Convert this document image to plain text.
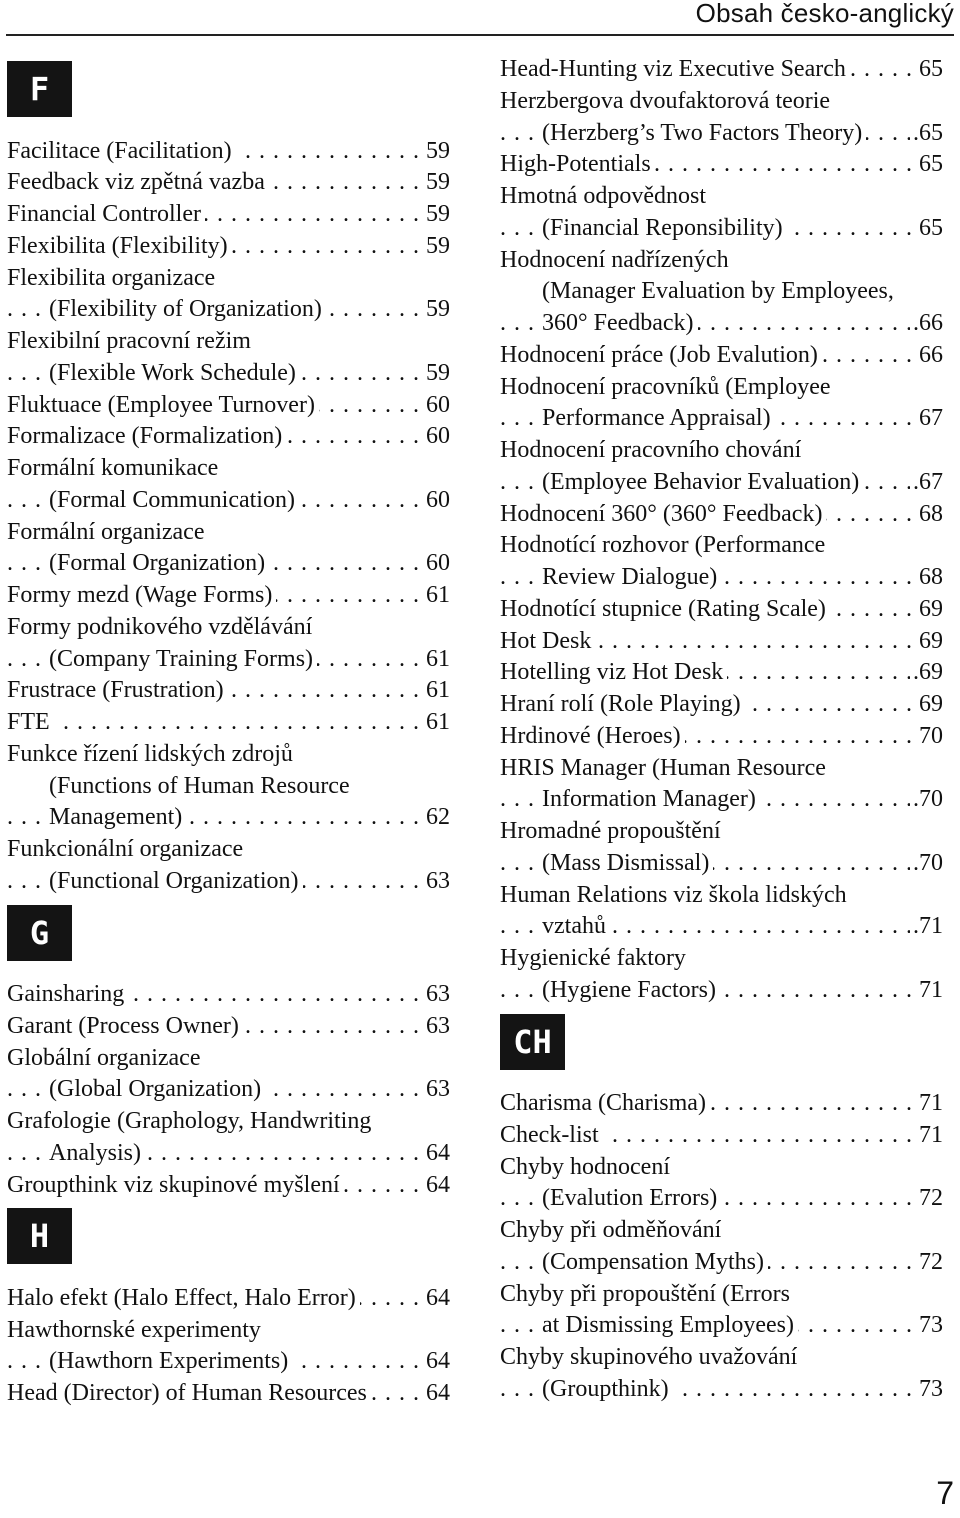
Obsah česko-anglický
F
Facilitace (Facilitation)	59
. . .
Feedback viz zpětná vazba	59
. . .
Financial Controller	59
. . .
Flexibilita (Flexibility)	59
. . .
Flexibilita organizace
(Flexibility of Organization)	59
. . .
Flexibilní pracovní režim
(Flexible Work Schedule)	59
. . .
Fluktuace (Employee Turnover)	60
. . .
Formalizace (Formalization)	60
. . .
Formální komunikace
(Formal Communication)	60
. . .
Formální organizace
(Formal Organization)	60
. . .
Formy mezd (Wage Forms)	61
. . .
Formy podnikového vzdělávání
(Company Training Forms)	61
. . .
Frustrace (Frustration)	61
. . .
FTE	61
. . .
Funkce řízení lidských zdrojů
(Functions of Human Resource
Management)	62
. . .
Funkcionální organizace
(Functional Organization)	63
. . .
G
Gainsharing	63
. . .
Garant (Process Owner)	63
. . .
Globální organizace
(Global Organization)	63
. . .
Grafologie (Graphology, Handwriting
Analysis)	64
. . .
Groupthink viz skupinové myšlení	64
. . .
H
Halo efekt (Halo Effect, Halo Error)	64
. . .
Hawthornské experimenty
(Hawthorn Experiments)	64
. . .
Head (Director) of Human Resources 64
. . .
Head-Hunting viz Executive Search	65
. . .
Herzbergova dvoufaktorová teorie
(Herzberg’s Two Factors Theory) .65
. . .
High-Potentials	65
. . .
Hmotná odpovědnost
(Financial Reponsibility)	65
. . .
Hodnocení nadřízených
(Manager Evaluation by Employees,
360° Feedback)	.66
. . .
Hodnocení práce (Job Evalution)	66
. . .
Hodnocení pracovníků (Employee
Performance Appraisal)	67
. . .
Hodnocení pracovního chování
(Employee Behavior Evaluation) .67
. . .
Hodnocení 360° (360° Feedback)	68
. . .
Hodnotící rozhovor (Performance
Review Dialogue)	68
. . .
Hodnotící stupnice (Rating Scale)	69
. . .
Hot Desk	69
. . .
Hotelling viz Hot Desk	.69
. . .
Hraní rolí (Role Playing)	69
. . .
Hrdinové (Heroes)	70
. . .
HRIS Manager (Human Resource
Information Manager)	.70
. . .
Hromadné propouštění
(Mass Dismissal)	.70
. . .
Human Relations viz škola lidských
vztahů	.71
. . .
Hygienické faktory
(Hygiene Factors)	71
. . .
CH
Charisma (Charisma)	71
. . .
Check-list	71
. . .
Chyby hodnocení
(Evalution Errors)	72
. . .
Chyby při odměňování
(Compensation Myths)	72
. . .
Chyby při propouštění (Errors
at Dismissing Employees)	73
. . .
Chyby skupinového uvažování
(Groupthink)	73
. . .
7
